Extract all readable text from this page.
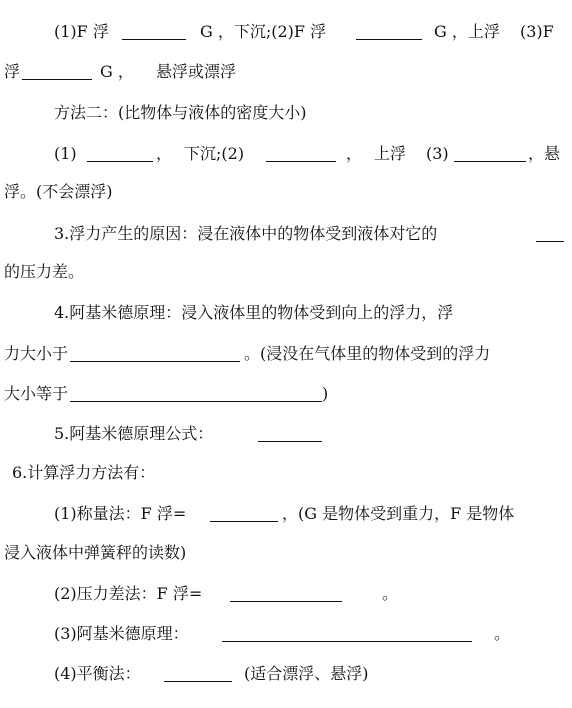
(1)F 浮	G ，下沉;(2)F 浮	G ，上浮 (3)F
浮	G ， 悬浮或漂浮
方法二：(比物体与液体的密度大小)
(1)	， 下沉;(2)	， 上浮 (3)	，悬
浮。(不会漂浮)
3.浮力产生的原因：浸在液体中的物体受到液体对它的
的压力差。
4.阿基米德原理：浸入液体里的物体受到向上的浮力，浮
力大小于	。(浸没在气体里的物体受到的浮力
大小等于	)
5.阿基米德原理公式：
6.计算浮力方法有：
(1)称量法：F 浮=	，(G 是物体受到重力，F 是物体
浸入液体中弹簧秤的读数)
(2)压力差法：F 浮=	。
(3)阿基米德原理：	。
(4)平衡法：	(适合漂浮、悬浮)
